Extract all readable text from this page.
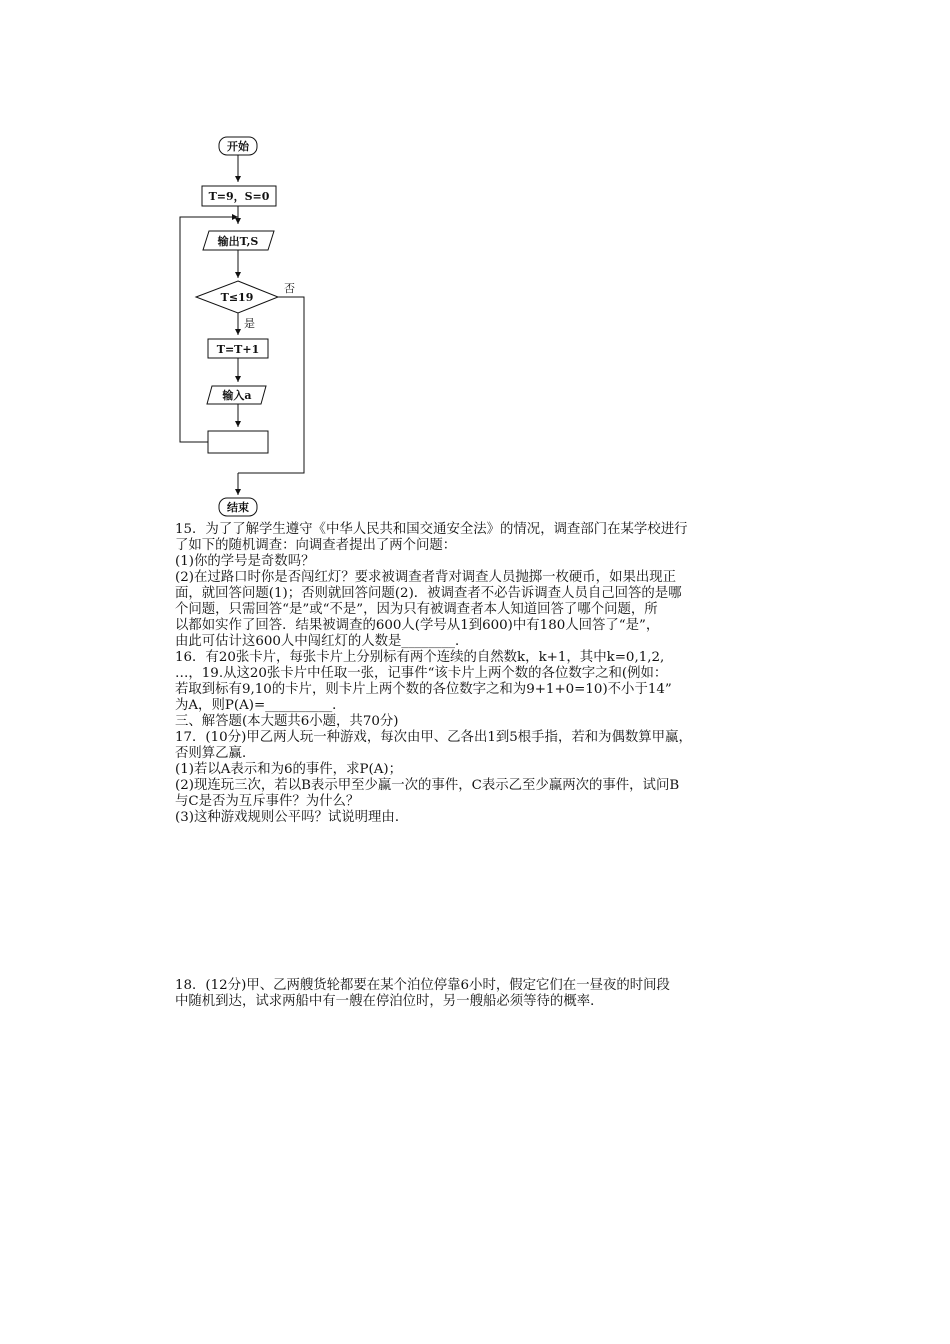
开始
T=9，S=0
输出T,S
T≤19
否
是
T=T+1
输入a
结束

15．为了了解学生遵守《中华人民共和国交通安全法》的情况，调查部门在某学校进行

了如下的随机调查：向调查者提出了两个问题：

(1)你的学号是奇数吗？

(2)在过路口时你是否闯红灯？要求被调查者背对调查人员抛掷一枚硬币，如果出现正

面，就回答问题(1)；否则就回答问题(2)．被调查者不必告诉调查人员自己回答的是哪

个问题，只需回答“是”或“不是”，因为只有被调查者本人知道回答了哪个问题，所

以都如实作了回答．结果被调查的600人(学号从1到600)中有180人回答了“是”，

由此可估计这600人中闯红灯的人数是________．

16．有20张卡片，每张卡片上分别标有两个连续的自然数k，k+1，其中k=0,1,2,

…，19.从这20张卡片中任取一张，记事件“该卡片上两个数的各位数字之和(例如：

若取到标有9,10的卡片，则卡片上两个数的各位数字之和为9+1+0=10)不小于14”

为A，则P(A)=__________．

三、解答题(本大题共6小题，共70分)

17．(10分)甲乙两人玩一种游戏，每次由甲、乙各出1到5根手指，若和为偶数算甲赢，

否则算乙赢．

(1)若以A表示和为6的事件，求P(A)；

(2)现连玩三次，若以B表示甲至少赢一次的事件，C表示乙至少赢两次的事件，试问B

与C是否为互斥事件？为什么？

(3)这种游戏规则公平吗？试说明理由．

18．(12分)甲、乙两艘货轮都要在某个泊位停靠6小时，假定它们在一昼夜的时间段

中随机到达，试求两船中有一艘在停泊位时，另一艘船必须等待的概率．
